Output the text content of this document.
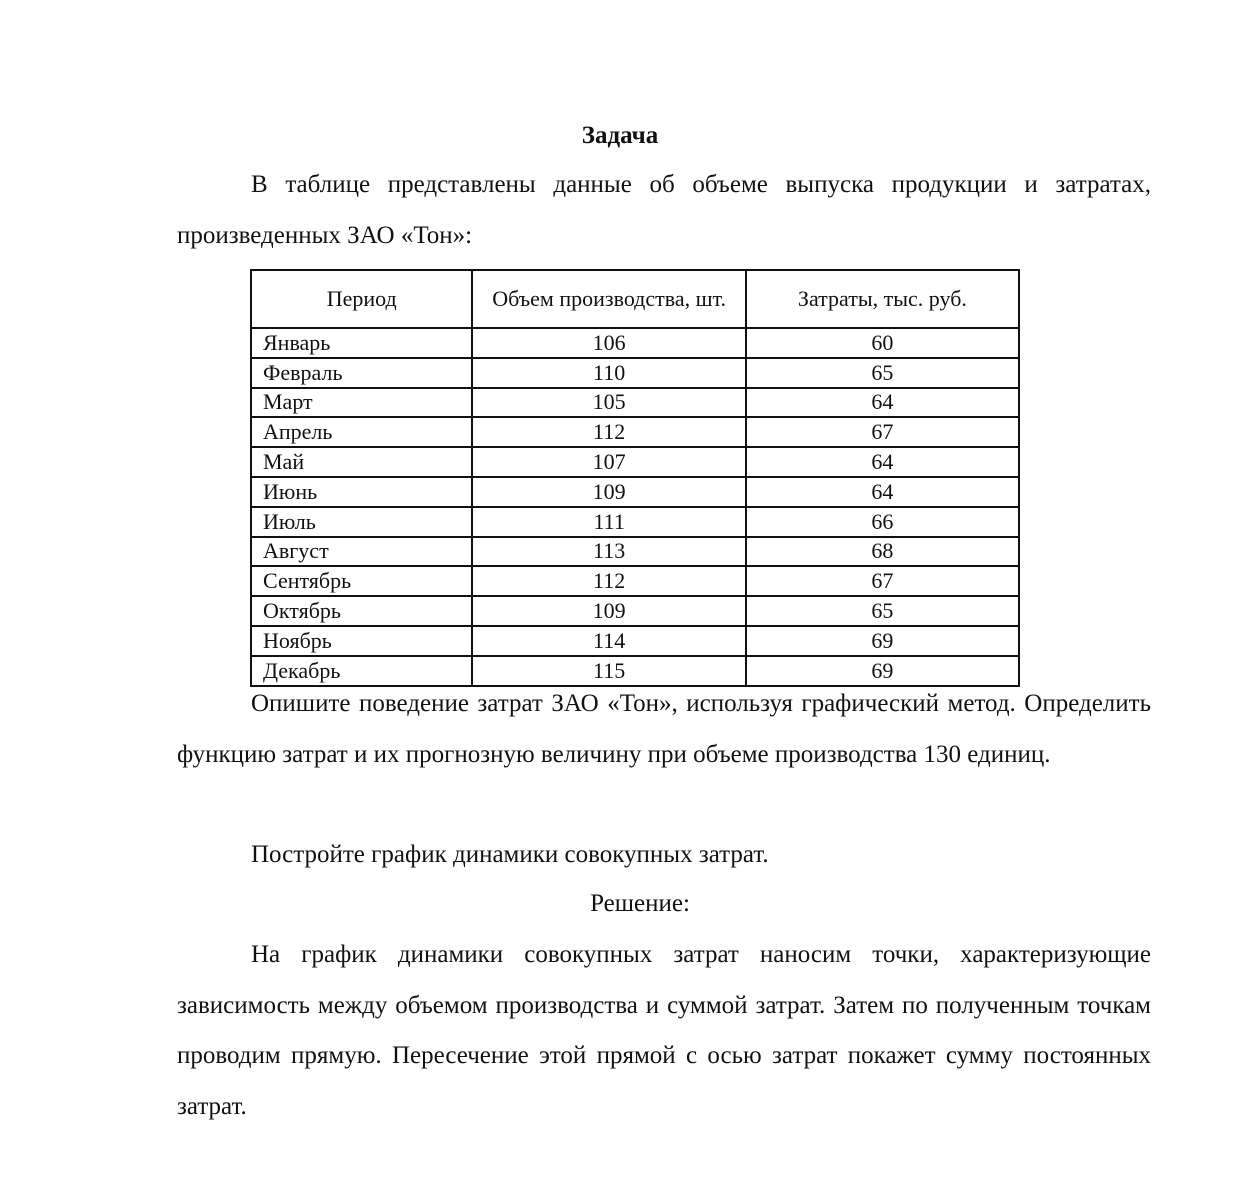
Задача

В таблице представлены данные об объеме выпуска продукции и затратах, произведенных ЗАО «Тон»:

Период	Объем производства, шт.	Затраты, тыс. руб.
Январь	106	60
Февраль	110	65
Март	105	64
Апрель	112	67
Май	107	64
Июнь	109	64
Июль	111	66
Август	113	68
Сентябрь	112	67
Октябрь	109	65
Ноябрь	114	69
Декабрь	115	69

Опишите поведение затрат ЗАО «Тон», используя графический метод. Определить функцию затрат и их прогнозную величину при объеме производства 130 единиц.

Постройте график динамики совокупных затрат.

Решение:

На график динамики совокупных затрат наносим точки, характеризующие зависимость между объемом производства и суммой затрат. Затем по полученным точкам проводим прямую. Пересечение этой прямой с осью затрат покажет сумму постоянных затрат.
